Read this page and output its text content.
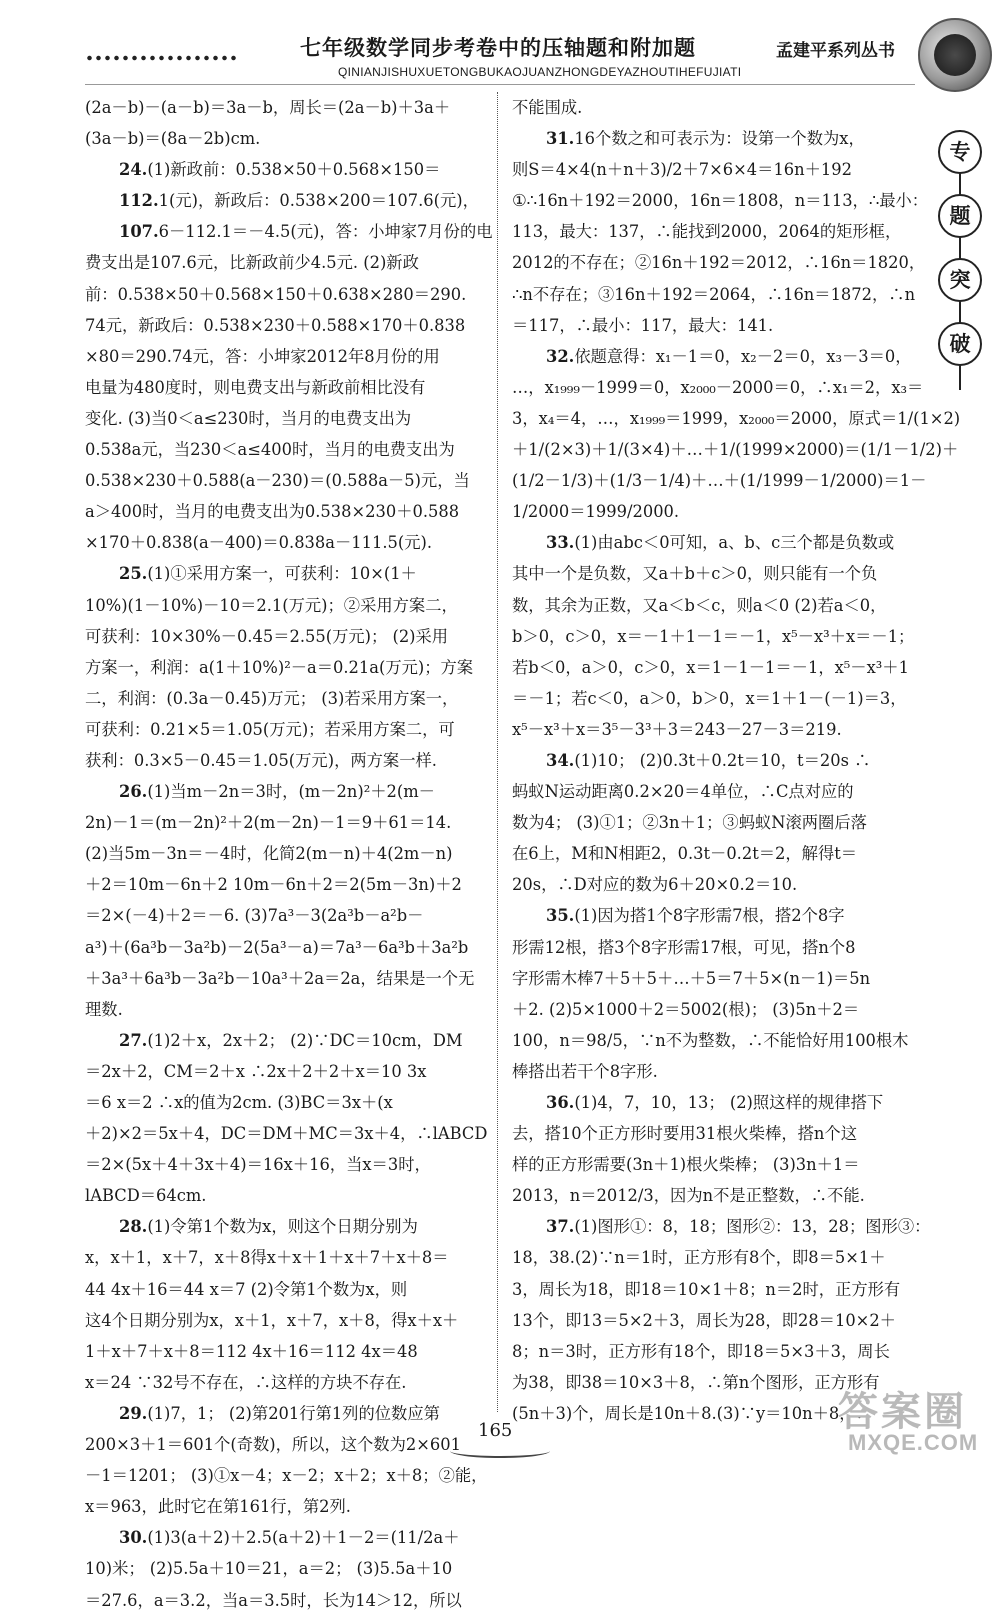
七年级数学同步考卷中的压轴题和附加题	孟建平系列丛书
QINIANJISHUXUETONGBUKAOJUANZHONGDEYAZHOUTIHEFUJIATI
专
题
突
破
(2a－b)－(a－b)＝3a－b，周长＝(2a－b)＋3a＋
(3a－b)＝(8a－2b)cm.
24.(1)新政前：0.538×50＋0.568×150＝
112.1(元)，新政后：0.538×200＝107.6(元)，
107.6－112.1＝－4.5(元)，答：小坤家7月份的电
费支出是107.6元，比新政前少4.5元. (2)新政
前：0.538×50＋0.568×150＋0.638×280＝290.
74元，新政后：0.538×230＋0.588×170＋0.838
×80＝290.74元，答：小坤家2012年8月份的用
电量为480度时，则电费支出与新政前相比没有
变化. (3)当0＜a≤230时，当月的电费支出为
0.538a元，当230＜a≤400时，当月的电费支出为
0.538×230＋0.588(a－230)＝(0.588a－5)元，当
a＞400时，当月的电费支出为0.538×230＋0.588
×170＋0.838(a－400)＝0.838a－111.5(元).
25.(1)①采用方案一，可获利：10×(1＋
10%)(1－10%)－10＝2.1(万元)；②采用方案二，
可获利：10×30%－0.45＝2.55(万元)； (2)采用
方案一，利润：a(1＋10%)²－a＝0.21a(万元)；方案
二，利润：(0.3a－0.45)万元； (3)若采用方案一，
可获利：0.21×5＝1.05(万元)；若采用方案二，可
获利：0.3×5－0.45＝1.05(万元)，两方案一样.
26.(1)当m－2n＝3时，(m－2n)²＋2(m－
2n)－1＝(m－2n)²＋2(m－2n)－1＝9＋61＝14.
(2)当5m－3n＝－4时，化简2(m－n)＋4(2m－n)
＋2＝10m－6n＋2 10m－6n＋2＝2(5m－3n)＋2
＝2×(－4)＋2＝－6. (3)7a³－3(2a³b－a²b－
a³)＋(6a³b－3a²b)－2(5a³－a)＝7a³－6a³b＋3a²b
＋3a³＋6a³b－3a²b－10a³＋2a＝2a，结果是一个无
理数.
27.(1)2＋x，2x＋2； (2)∵DC＝10cm，DM
＝2x＋2，CM＝2＋x ∴2x＋2＋2＋x＝10 3x
＝6 x＝2 ∴x的值为2cm. (3)BC＝3x＋(x
＋2)×2＝5x＋4，DC＝DM＋MC＝3x＋4，∴lABCD
＝2×(5x＋4＋3x＋4)＝16x＋16，当x＝3时，
lABCD＝64cm.
28.(1)令第1个数为x，则这个日期分别为
x，x＋1，x＋7，x＋8得x＋x＋1＋x＋7＋x＋8＝
44 4x＋16＝44 x＝7 (2)令第1个数为x，则
这4个日期分别为x，x＋1，x＋7，x＋8，得x＋x＋
1＋x＋7＋x＋8＝112 4x＋16＝112 4x＝48
x＝24 ∵32号不存在，∴这样的方块不存在.
29.(1)7，1； (2)第201行第1列的位数应第
200×3＋1＝601个(奇数)，所以，这个数为2×601
－1＝1201； (3)①x－4；x－2；x＋2；x＋8；②能，
x＝963，此时它在第161行，第2列.
30.(1)3(a＋2)＋2.5(a＋2)＋1－2＝(11/2a＋
10)米； (2)5.5a＋10＝21，a＝2； (3)5.5a＋10
＝27.6，a＝3.2，当a＝3.5时，长为14＞12，所以
不能围成.
31.16个数之和可表示为：设第一个数为x，
则S＝4×4(n＋n＋3)/2＋7×6×4＝16n＋192
①∴16n＋192＝2000，16n＝1808，n＝113，∴最小：
113，最大：137，∴能找到2000，2064的矩形框，
2012的不存在；②16n＋192＝2012，∴16n＝1820，
∴n不存在；③16n＋192＝2064，∴16n＝1872，∴n
＝117，∴最小：117，最大：141.
32.依题意得：x₁－1＝0，x₂－2＝0，x₃－3＝0，
…，x₁₉₉₉－1999＝0，x₂₀₀₀－2000＝0，∴x₁＝2，x₃＝
3，x₄＝4，…，x₁₉₉₉＝1999，x₂₀₀₀＝2000，原式＝1/(1×2)
＋1/(2×3)＋1/(3×4)＋…＋1/(1999×2000)＝(1/1－1/2)＋
(1/2－1/3)＋(1/3－1/4)＋…＋(1/1999－1/2000)＝1－
1/2000＝1999/2000.
33.(1)由abc＜0可知，a、b、c三个都是负数或
其中一个是负数，又a＋b＋c＞0，则只能有一个负
数，其余为正数，又a＜b＜c，则a＜0 (2)若a＜0，
b＞0，c＞0，x＝－1＋1－1＝－1，x⁵－x³＋x＝－1；
若b＜0，a＞0，c＞0，x＝1－1－1＝－1，x⁵－x³＋1
＝－1；若c＜0，a＞0，b＞0，x＝1＋1－(－1)＝3，
x⁵－x³＋x＝3⁵－3³＋3＝243－27－3＝219.
34.(1)10； (2)0.3t＋0.2t＝10，t＝20s ∴
蚂蚁N运动距离0.2×20＝4单位，∴C点对应的
数为4； (3)①1；②3n＋1；③蚂蚁N滚两圈后落
在6上，M和N相距2，0.3t－0.2t＝2，解得t＝
20s，∴D对应的数为6＋20×0.2＝10.
35.(1)因为搭1个8字形需7根，搭2个8字
形需12根，搭3个8字形需17根，可见，搭n个8
字形需木棒7＋5＋5＋…＋5＝7＋5×(n－1)＝5n
＋2. (2)5×1000＋2＝5002(根)； (3)5n＋2＝
100，n＝98/5，∵n不为整数，∴不能恰好用100根木
棒搭出若干个8字形.
36.(1)4，7，10，13； (2)照这样的规律搭下
去，搭10个正方形时要用31根火柴棒，搭n个这
样的正方形需要(3n＋1)根火柴棒； (3)3n＋1＝
2013，n＝2012/3，因为n不是正整数，∴不能.
37.(1)图形①：8，18；图形②：13，28；图形③：
18，38.(2)∵n＝1时，正方形有8个，即8＝5×1＋
3，周长为18，即18＝10×1＋8；n＝2时，正方形有
13个，即13＝5×2＋3，周长为28，即28＝10×2＋
8；n＝3时，正方形有18个，即18＝5×3＋3，周长
为38，即38＝10×3＋8，∴第n个图形，正方形有
(5n＋3)个，周长是10n＋8.(3)∵y＝10n＋8，∴
165	答案圈
MXQE.COM
